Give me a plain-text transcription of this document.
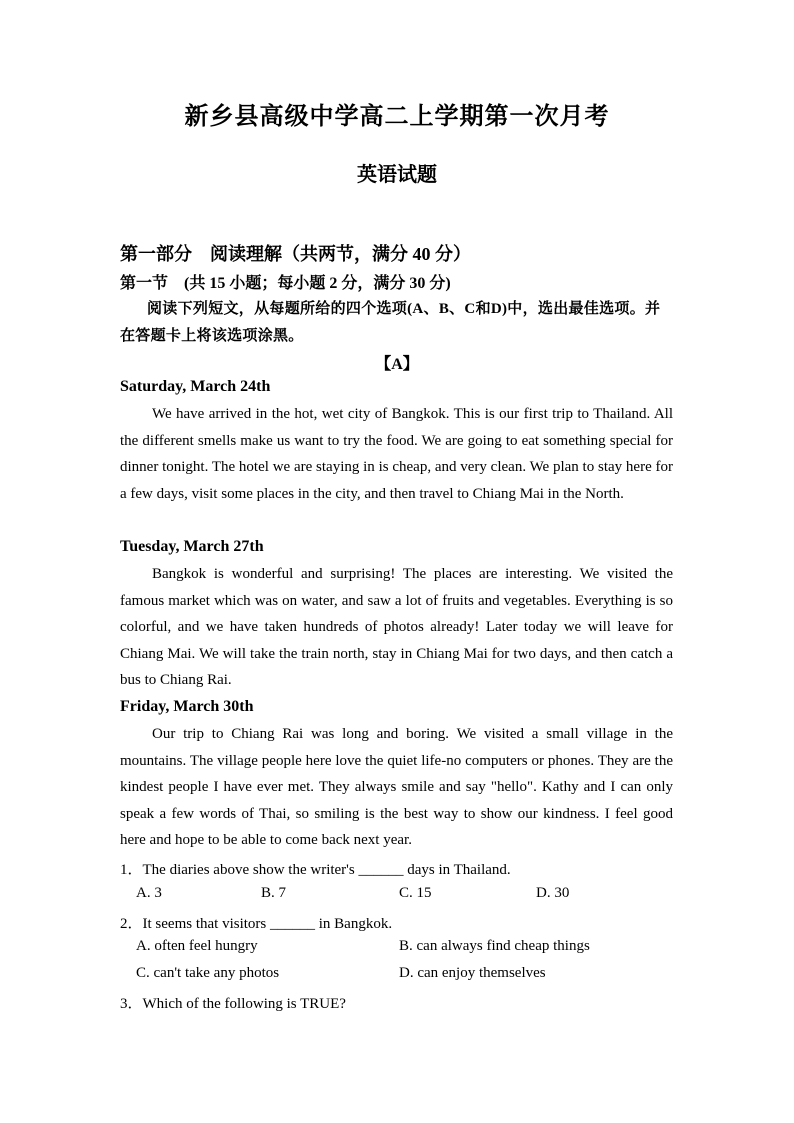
新乡县高级中学高二上学期第一次月考
英语试题
第一部分　阅读理解（共两节，满分 40 分）
第一节　(共 15 小题；每小题 2 分，满分 30 分)
阅读下列短文，从每题所给的四个选项(A、B、C和D)中，选出最佳选项。并
在答题卡上将该选项涂黑。
【A】
Saturday, March 24th

We have arrived in the hot, wet city of Bangkok. This is our first trip to Thailand. All the different smells make us want to try the food. We are going to eat something special for dinner tonight. The hotel we are staying in is cheap, and very clean. We plan to stay here for a few days, visit some places in the city, and then travel to Chiang Mai in the North.

Tuesday, March 27th

Bangkok is wonderful and surprising! The places are interesting. We visited the famous market which was on water, and saw a lot of fruits and vegetables. Everything is so colorful, and we have taken hundreds of photos already! Later today we will leave for Chiang Mai. We will take the train north, stay in Chiang Mai for two days, and then catch a bus to Chiang Rai.

Friday, March 30th

Our trip to Chiang Rai was long and boring. We visited a small village in the mountains. The village people here love the quiet life-no computers or phones. They are the kindest people I have ever met. They always smile and say "hello". Kathy and I can only speak a few words of Thai, so smiling is the best way to show our kindness. I feel good here and hope to be able to come back next year.

1．The diaries above show the writer's ______ days in Thailand.
A. 3	B. 7	C. 15	D. 30
2．It seems that visitors ______ in Bangkok.
A. often feel hungry	B. can always find cheap things
C. can't take any photos	D. can enjoy themselves
3．Which of the following is TRUE?
